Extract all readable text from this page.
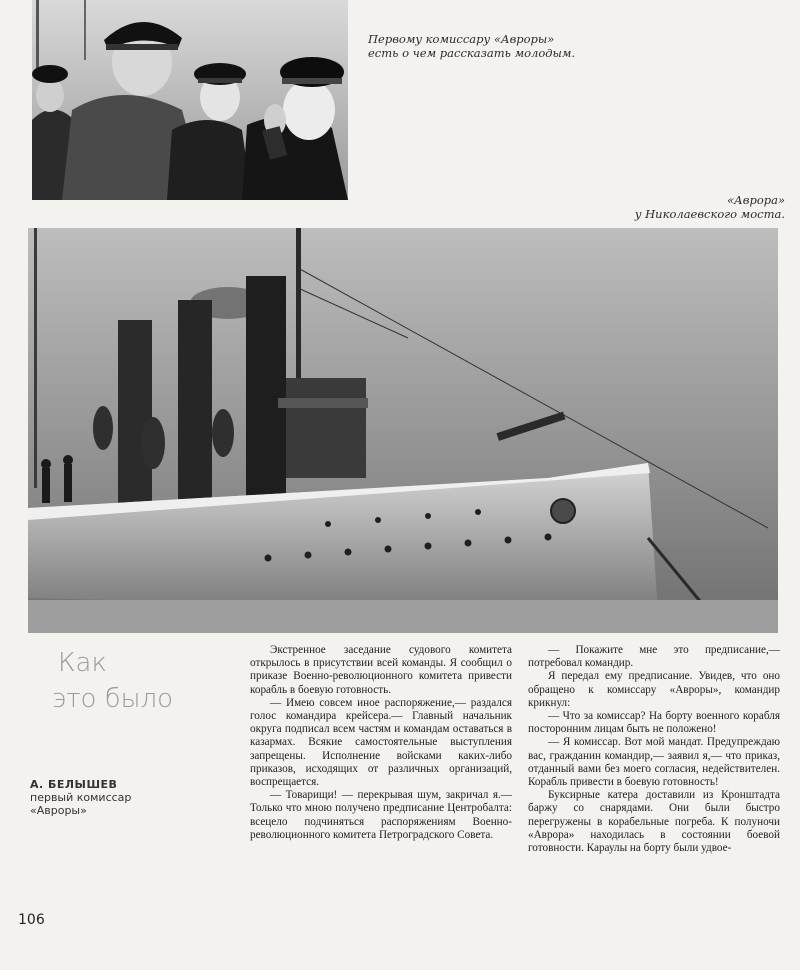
Первому комиссару «Авроры»
есть о чем рассказать молодым.
«Аврора»
у Николаевского моста.
Как
это было
А. БЕЛЫШЕВ
первый комиссар
«Авроры»

Экстренное заседание судового комитета открылось в присутствии всей команды. Я сообщил о приказе Военно-революционного комитета привести корабль в боевую готовность.

— Имею совсем иное распоряжение,— раздался голос командира крейсера.— Главный начальник округа подписал всем частям и командам оставаться в казармах. Всякие самостоятельные выступления запрещены. Исполнение войсками каких-либо приказов, исходящих от различных организаций, воспрещается.

— Товарищи! — перекрывая шум, закричал я.— Только что мною получено предписание Центробалта: всецело подчиняться распоряжениям Военно-революционного комитета Петроградского Совета.

— Покажите мне это предписание,— потребовал командир.

Я передал ему предписание. Увидев, что оно обращено к комиссару «Авроры», командир крикнул:

— Что за комиссар? На борту военного корабля посторонним лицам быть не положено!

— Я комиссар. Вот мой мандат. Предупреждаю вас, гражданин командир,— заявил я,— что приказ, отданный вами без моего согласия, недействителен. Корабль привести в боевую готовность!

Буксирные катера доставили из Кронштадта баржу со снарядами. Они были быстро перегружены в корабельные погреба. К полуночи «Аврора» находилась в состоянии боевой готовности. Караулы на борту были удвое-

106
